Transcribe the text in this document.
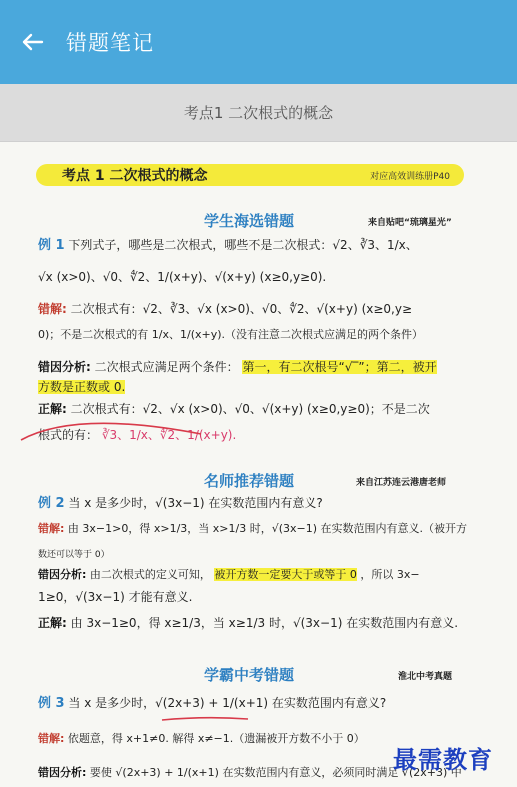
错题笔记
考点1 二次根式的概念
考点 1 二次根式的概念	对应高效训练册P40
学生海选错题	来自贴吧“琉璃星光”
例 1 下列式子，哪些是二次根式，哪些不是二次根式：√2、∛3、1/x、
√x (x>0)、√0、∜2、1/(x+y)、√(x+y) (x≥0,y≥0).
错解: 二次根式有：√2、∛3、√x (x>0)、√0、∜2、√(x+y) (x≥0,y≥
0)；不是二次根式的有 1/x、1/(x+y).（没有注意二次根式应满足的两个条件）
错因分析: 二次根式应满足两个条件： 第一，有二次根号“√‾”；第二，被开
方数是正数或 0.
正解: 二次根式有：√2、√x (x>0)、√0、√(x+y) (x≥0,y≥0)；不是二次
根式的有： ∛3、1/x、∜2、1/(x+y).
名师推荐错题	来自江苏连云港唐老师
例 2 当 x 是多少时，√(3x−1) 在实数范围内有意义?
错解: 由 3x−1>0，得 x>1/3，当 x>1/3 时，√(3x−1) 在实数范围内有意义.（被开方
数还可以等于 0）
错因分析: 由二次根式的定义可知， 被开方数一定要大于或等于 0 ，所以 3x−
1≥0，√(3x−1) 才能有意义.
正解: 由 3x−1≥0，得 x≥1/3，当 x≥1/3 时，√(3x−1) 在实数范围内有意义.
学霸中考错题	淮北中考真题
例 3 当 x 是多少时，√(2x+3) + 1/(x+1) 在实数范围内有意义?
错解: 依题意，得 x+1≠0. 解得 x≠−1.（遗漏被开方数不小于 0）
错因分析: 要使 √(2x+3) + 1/(x+1) 在实数范围内有意义，必须同时满足 √(2x+3) 中
最需教育
